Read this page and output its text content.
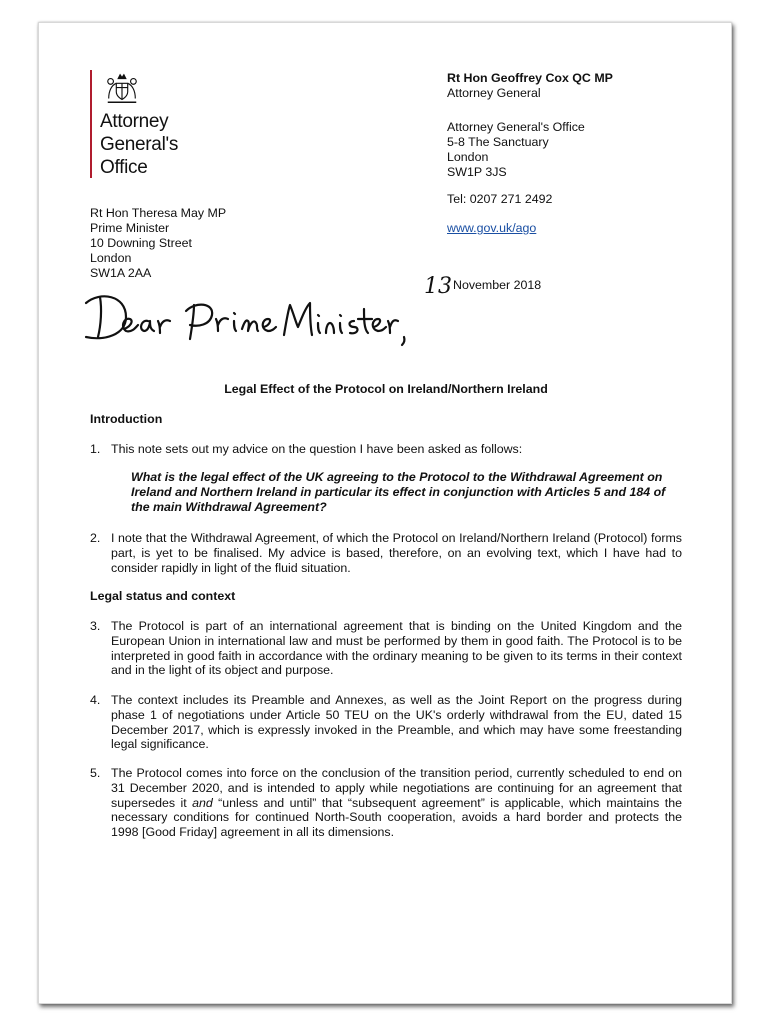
Attorney
General's
Office
Rt Hon Geoffrey Cox QC MP
Attorney General
Attorney General's Office
5-8 The Sanctuary
London
SW1P 3JS
Tel: 0207 271 2492
www.gov.uk/ago
Rt Hon Theresa May MP
Prime Minister
10 Downing Street
London
SW1A 2AA
13November 2018
Legal Effect of the Protocol on Ireland/Northern Ireland
Introduction
1. This note sets out my advice on the question I have been asked as follows:
What is the legal effect of the UK agreeing to the Protocol to the Withdrawal Agreement on Ireland and Northern Ireland in particular its effect in conjunction with Articles 5 and 184 of the main Withdrawal Agreement?
2. I note that the Withdrawal Agreement, of which the Protocol on Ireland/Northern Ireland (Protocol) forms part, is yet to be finalised. My advice is based, therefore, on an evolving text, which I have had to consider rapidly in light of the fluid situation.
Legal status and context
3. The Protocol is part of an international agreement that is binding on the United Kingdom and the European Union in international law and must be performed by them in good faith. The Protocol is to be interpreted in good faith in accordance with the ordinary meaning to be given to its terms in their context and in the light of its object and purpose.
4. The context includes its Preamble and Annexes, as well as the Joint Report on the progress during phase 1 of negotiations under Article 50 TEU on the UK's orderly withdrawal from the EU, dated 15 December 2017, which is expressly invoked in the Preamble, and which may have some freestanding legal significance.
5. The Protocol comes into force on the conclusion of the transition period, currently scheduled to end on 31 December 2020, and is intended to apply while negotiations are continuing for an agreement that supersedes it and “unless and until” that “subsequent agreement” is applicable, which maintains the necessary conditions for continued North-South cooperation, avoids a hard border and protects the 1998 [Good Friday] agreement in all its dimensions.
